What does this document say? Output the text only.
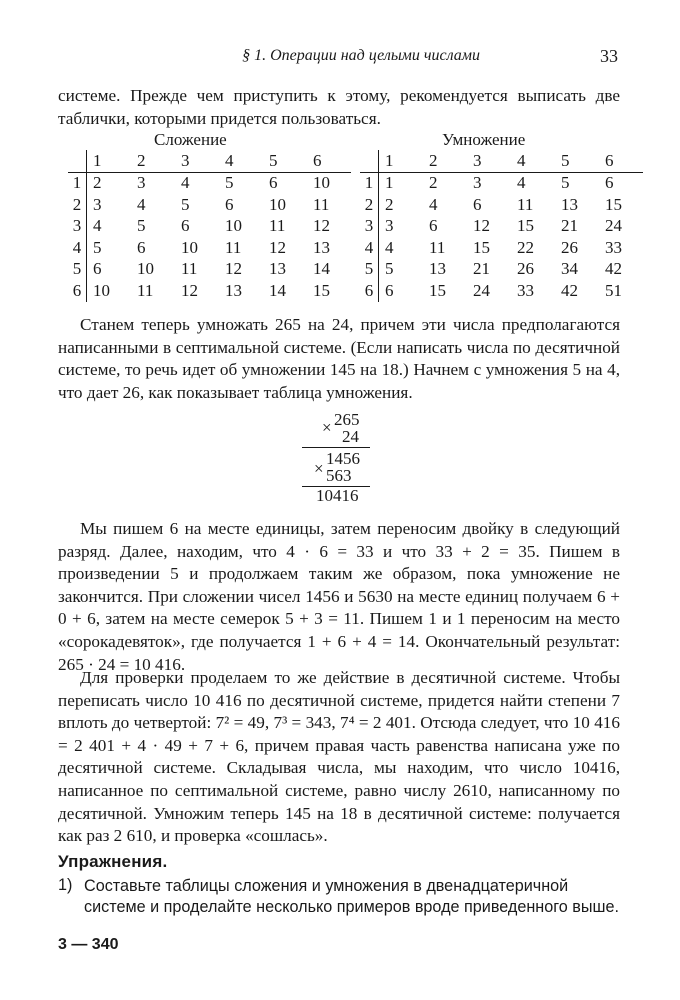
§ 1. Операции над целыми числами	33
системе. Прежде чем приступить к этому, рекомендуется выписать две таблички, которыми придется пользоваться.
Сложение	Умножение
	1	2	3	4	5	6
1	2	3	4	5	6	10
2	3	4	5	6	10	11
3	4	5	6	10	11	12
4	5	6	10	11	12	13
5	6	10	11	12	13	14
6	10	11	12	13	14	15
	1	2	3	4	5	6
1	1	2	3	4	5	6
2	2	4	6	11	13	15
3	3	6	12	15	21	24
4	4	11	15	22	26	33
5	5	13	21	26	34	42
6	6	15	24	33	42	51
Станем теперь умножать 265 на 24, причем эти числа предполагаются написанными в септимальной системе. (Если написать числа по десятичной системе, то речь идет об умножении 145 на 18.) Начнем с умножения 5 на 4, что дает 26, как показывает таблица умножения.
× 265
24
×
1456
563
10416
Мы пишем 6 на месте единицы, затем переносим двойку в следующий разряд. Далее, находим, что 4 · 6 = 33 и что 33 + 2 = 35. Пишем в произведении 5 и продолжаем таким же образом, пока умножение не закончится. При сложении чисел 1456 и 5630 на месте единиц получаем 6 + 0 + 6, затем на месте семерок 5 + 3 = 11. Пишем 1 и 1 переносим на место «сорокадевяток», где получается 1 + 6 + 4 = 14. Окончательный результат: 265 · 24 = 10 416.
Для проверки проделаем то же действие в десятичной системе. Чтобы переписать число 10 416 по десятичной системе, придется найти степени 7 вплоть до четвертой: 7² = 49, 7³ = 343, 7⁴ = 2 401. Отсюда следует, что 10 416 = 2 401 + 4 · 49 + 7 + 6, причем правая часть равенства написана уже по десятичной системе. Складывая числа, мы находим, что число 10416, написанное по септимальной системе, равно числу 2610, написанному по десятичной. Умножим теперь 145 на 18 в десятичной системе: получается как раз 2 610, и проверка «сошлась».
Упражнения.
1) Составьте таблицы сложения и умножения в двенадцатеричной системе и проделайте несколько примеров вроде приведенного выше.
3 — 340
